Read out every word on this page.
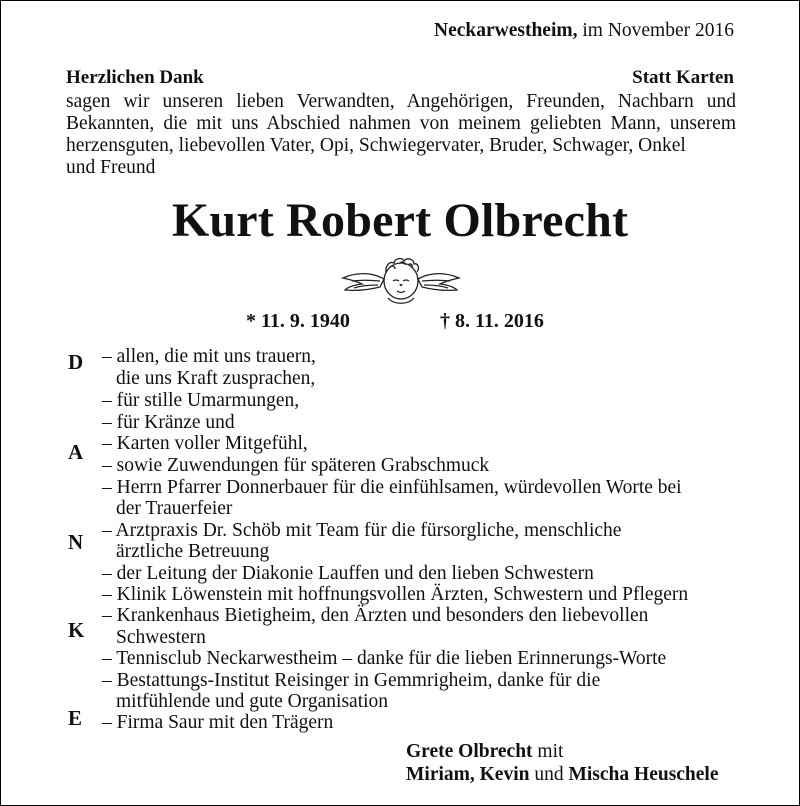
Neckarwestheim, im November 2016
Herzlichen Dank	Statt Karten
sagen wir unseren lieben Verwandten, Angehörigen, Freunden, Nachbarn und Bekannten, die mit uns Abschied nahmen von meinem geliebten Mann, unserem herzensguten, liebevollen Vater, Opi, Schwiegervater, Bruder, Schwager, Onkel
und Freund
Kurt Robert Olbrecht
* 11. 9. 1940	† 8. 11. 2016
D
A
N
K
E
– allen, die mit uns trauern,
die uns Kraft zusprachen,
– für stille Umarmungen,
– für Kränze und
– Karten voller Mitgefühl,
– sowie Zuwendungen für späteren Grabschmuck
– Herrn Pfarrer Donnerbauer für die einfühlsamen, würdevollen Worte bei
der Trauerfeier
– Arztpraxis Dr. Schöb mit Team für die fürsorgliche, menschliche
ärztliche Betreuung
– der Leitung der Diakonie Lauffen und den lieben Schwestern
– Klinik Löwenstein mit hoffnungsvollen Ärzten, Schwestern und Pflegern
– Krankenhaus Bietigheim, den Ärzten und besonders den liebevollen
Schwestern
– Tennisclub Neckarwestheim – danke für die lieben Erinnerungs-Worte
– Bestattungs-Institut Reisinger in Gemmrigheim, danke für die
mitfühlende und gute Organisation
– Firma Saur mit den Trägern
Grete Olbrecht mit
Miriam, Kevin und Mischa Heuschele
